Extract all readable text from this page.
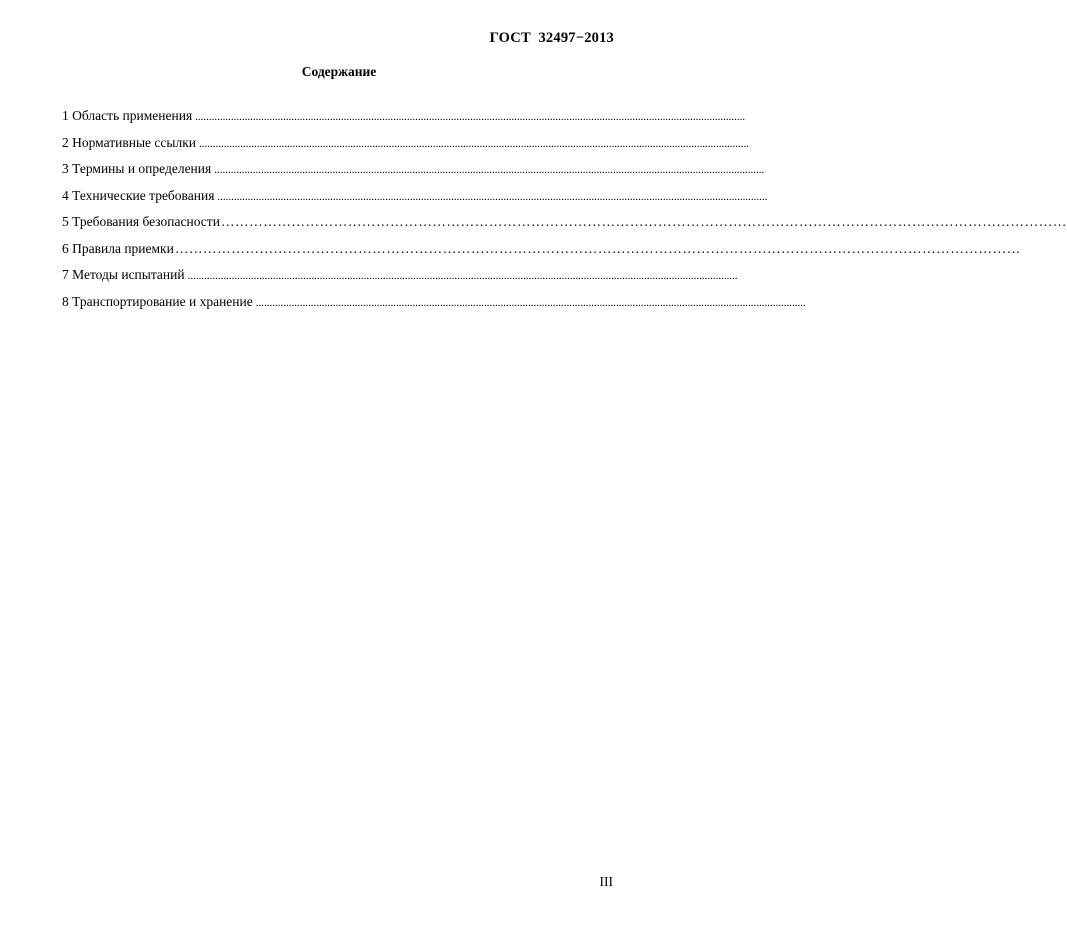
ГОСТ  32497−2013
Содержание
1 Область применения ........................................................................................................................................................................................................
2 Нормативные ссылки ........................................................................................................................................................................................................
3 Термины и определения ........................................................................................................................................................................................................
4 Технические требования ........................................................................................................................................................................................................
5 Требования безопасности ………………………………………………………………………………………………………………………………………………………………
6 Правила приемки ………………………………………………………………………………………………………………………………………………………………
7 Методы испытаний ........................................................................................................................................................................................................
8 Транспортирование и хранение ........................................................................................................................................................................................................
III
